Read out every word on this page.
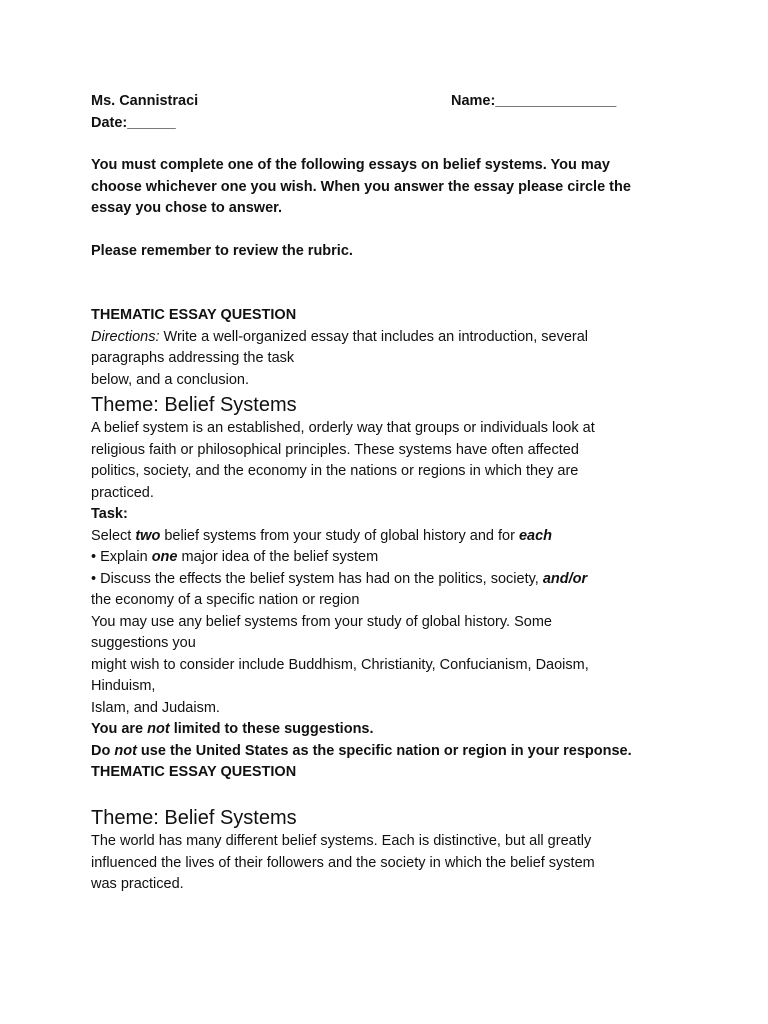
Ms. Cannistraci	Name:_______________
Date:______
You must complete one of the following essays on belief systems. You may
choose whichever one you wish. When you answer the essay please circle the
essay you chose to answer.
Please remember to review the rubric.
THEMATIC ESSAY QUESTION
Directions: Write a well-organized essay that includes an introduction, several
paragraphs addressing the task
below, and a conclusion.
Theme: Belief Systems
A belief system is an established, orderly way that groups or individuals look at
religious faith or philosophical principles. These systems have often affected
politics, society, and the economy in the nations or regions in which they are
practiced.
Task:
Select two belief systems from your study of global history and for each
• Explain one major idea of the belief system
• Discuss the effects the belief system has had on the politics, society, and/or
the economy of a specific nation or region
You may use any belief systems from your study of global history. Some
suggestions you
might wish to consider include Buddhism, Christianity, Confucianism, Daoism,
Hinduism,
Islam, and Judaism.
You are not limited to these suggestions.
Do not use the United States as the specific nation or region in your response.
THEMATIC ESSAY QUESTION
Theme: Belief Systems
The world has many different belief systems. Each is distinctive, but all greatly
influenced the lives of their followers and the society in which the belief system
was practiced.
